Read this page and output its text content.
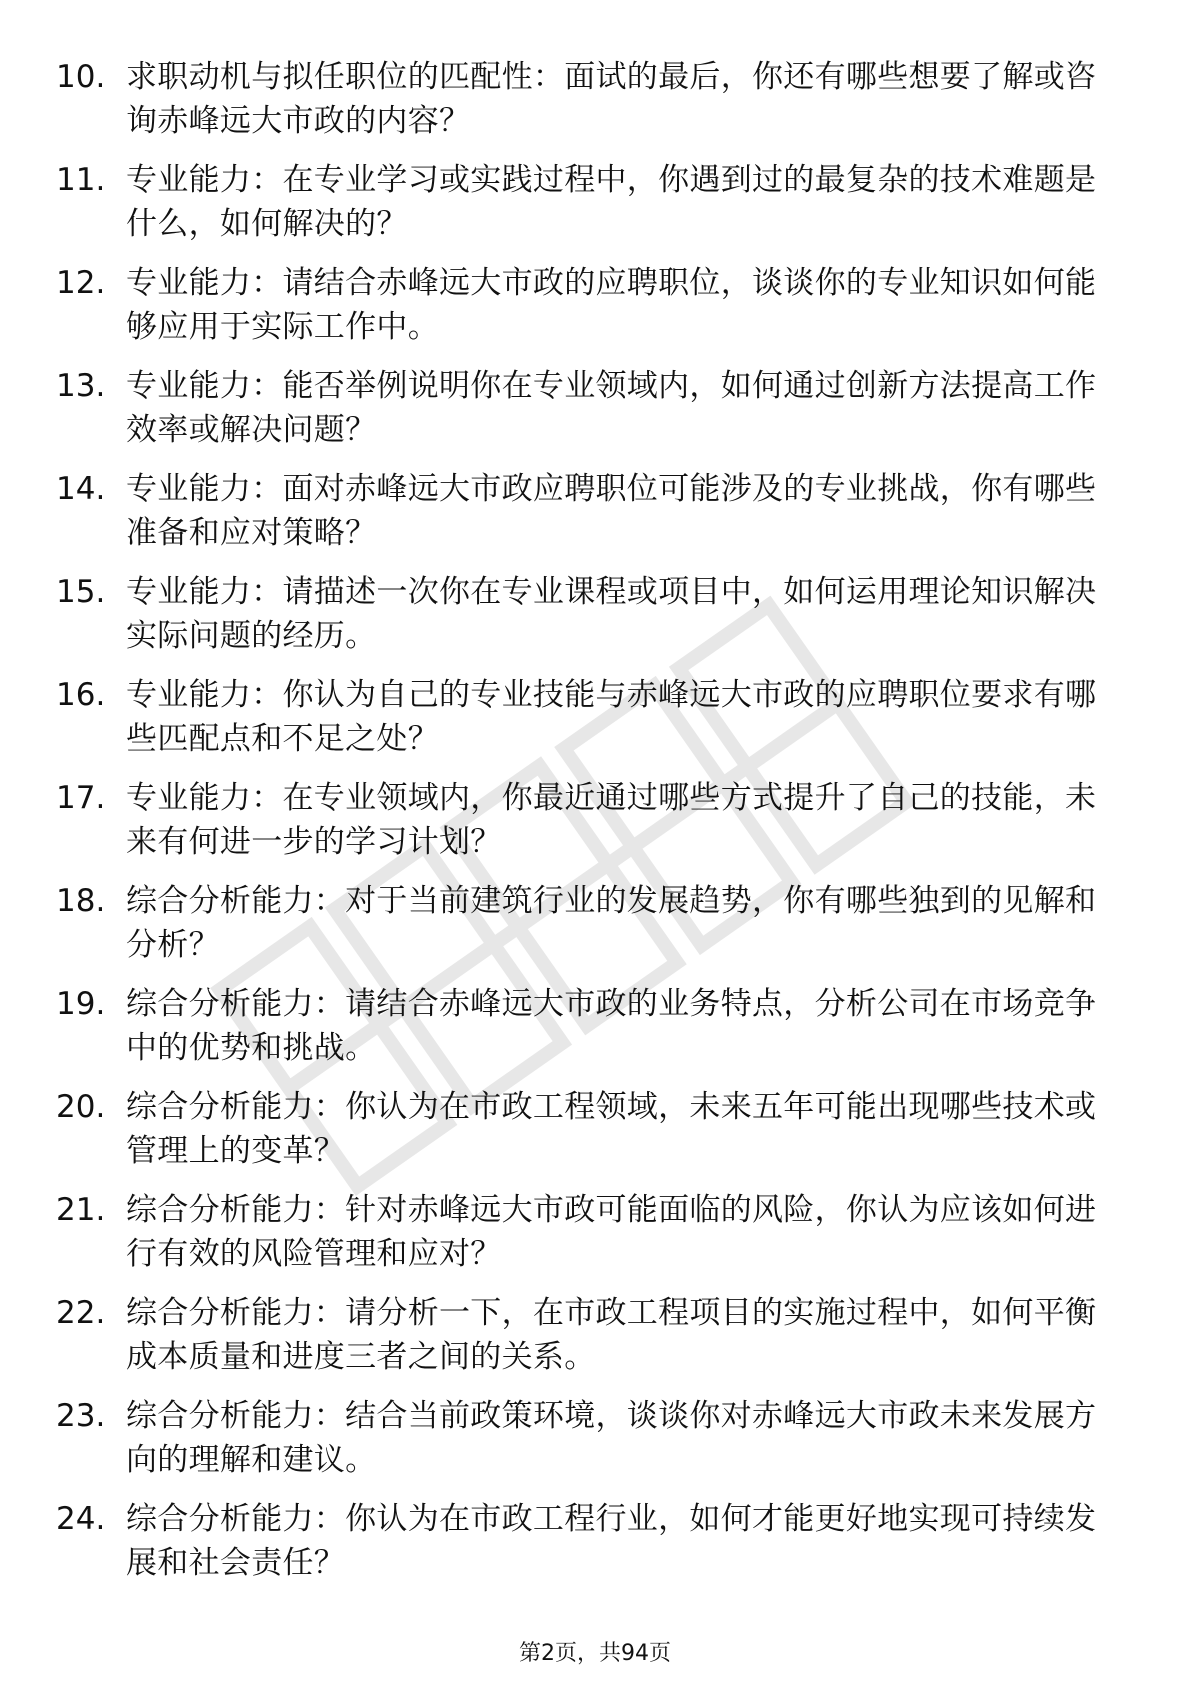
10. 求职动机与拟任职位的匹配性：面试的最后，你还有哪些想要了解或咨询赤峰远大市政的内容？
11. 专业能力：在专业学习或实践过程中，你遇到过的最复杂的技术难题是什么，如何解决的？
12. 专业能力：请结合赤峰远大市政的应聘职位，谈谈你的专业知识如何能够应用于实际工作中。
13. 专业能力：能否举例说明你在专业领域内，如何通过创新方法提高工作效率或解决问题？
14. 专业能力：面对赤峰远大市政应聘职位可能涉及的专业挑战，你有哪些准备和应对策略？
15. 专业能力：请描述一次你在专业课程或项目中，如何运用理论知识解决实际问题的经历。
16. 专业能力：你认为自己的专业技能与赤峰远大市政的应聘职位要求有哪些匹配点和不足之处？
17. 专业能力：在专业领域内，你最近通过哪些方式提升了自己的技能，未来有何进一步的学习计划？
18. 综合分析能力：对于当前建筑行业的发展趋势，你有哪些独到的见解和分析？
19. 综合分析能力：请结合赤峰远大市政的业务特点，分析公司在市场竞争中的优势和挑战。
20. 综合分析能力：你认为在市政工程领域，未来五年可能出现哪些技术或管理上的变革？
21. 综合分析能力：针对赤峰远大市政可能面临的风险，你认为应该如何进行有效的风险管理和应对？
22. 综合分析能力：请分析一下，在市政工程项目的实施过程中，如何平衡成本质量和进度三者之间的关系。
23. 综合分析能力：结合当前政策环境，谈谈你对赤峰远大市政未来发展方向的理解和建议。
24. 综合分析能力：你认为在市政工程行业，如何才能更好地实现可持续发展和社会责任？
第2页，共94页
